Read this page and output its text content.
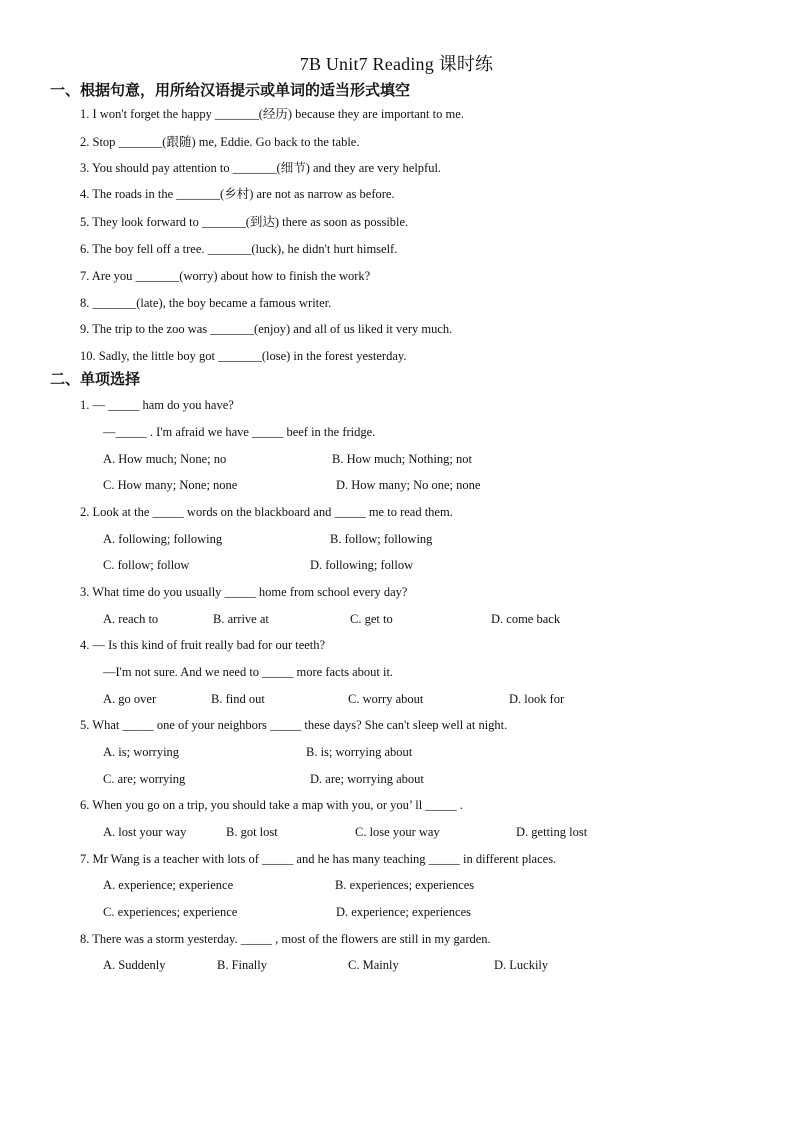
7B Unit7 Reading 课时练
一、根据句意，用所给汉语提示或单词的适当形式填空
1. I won't forget the happy _______(经历) because they are important to me.
2. Stop _______(跟随) me, Eddie. Go back to the table.
3. You should pay attention to _______(细节) and they are very helpful.
4. The roads in the _______(乡村) are not as narrow as before.
5. They look forward to _______(到达) there as soon as possible.
6. The boy fell off a tree. _______(luck), he didn't hurt himself.
7. Are you _______(worry) about how to finish the work?
8. _______(late), the boy became a famous writer.
9. The trip to the zoo was _______(enjoy) and all of us liked it very much.
10. Sadly, the little boy got _______(lose) in the forest yesterday.
二、单项选择
1. — _____ ham do you have?
—_____ . I'm afraid we have _____ beef in the fridge.
A. How much; None; no	B. How much; Nothing; not
C. How many; None; none	D. How many; No one; none
2. Look at the _____ words on the blackboard and _____ me to read them.
A. following; following	B. follow; following
C. follow; follow	D. following; follow
3. What time do you usually _____ home from school every day?
A. reach to	B. arrive at	C. get to	D. come back
4. — Is this kind of fruit really bad for our teeth?
—I'm not sure. And we need to _____ more facts about it.
A. go over	B. find out	C. worry about	D. look for
5. What _____ one of your neighbors _____ these days? She can't sleep well at night.
A. is; worrying	B. is; worrying about
C. are; worrying	D. are; worrying about
6. When you go on a trip, you should take a map with you, or you’ ll _____ .
A. lost your way	B. got lost	C. lose your way	D. getting lost
7. Mr Wang is a teacher with lots of _____ and he has many teaching _____ in different places.
A. experience; experience	B. experiences; experiences
C. experiences; experience	D. experience; experiences
8. There was a storm yesterday. _____ , most of the flowers are still in my garden.
A. Suddenly	B. Finally	C. Mainly	D. Luckily
